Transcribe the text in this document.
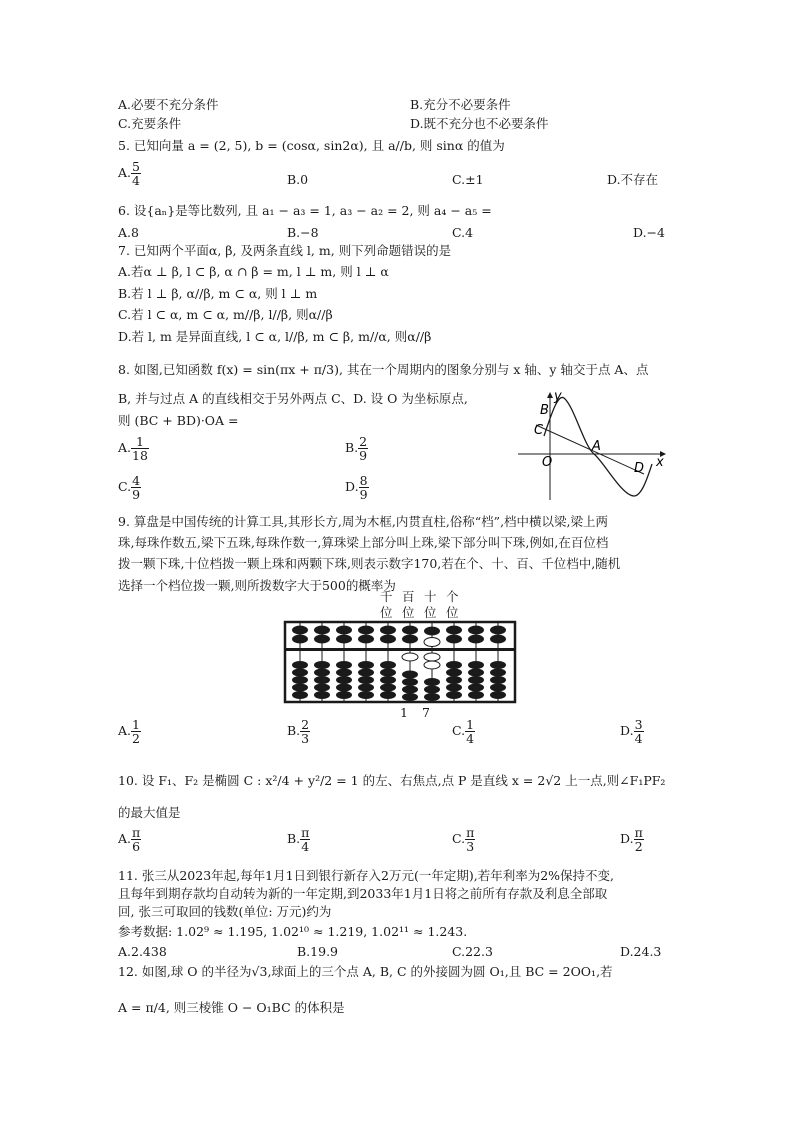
A.必要不充分条件	B.充分不必要条件
C.充要条件	D.既不充分也不必要条件
5. 已知向量 a = (2, 5), b = (cosα, sin2α), 且 a//b, 则 sinα 的值为
A. $\frac{5}{4}$	B.0	C.±1	D.不存在
6. 设{aₙ}是等比数列, 且 a₁ − a₃ = 1, a₃ − a₂ = 2, 则 a₄ − a₅ =
A.8	B.−8	C.4	D.−4
7. 已知两个平面α, β, 及两条直线 l, m, 则下列命题错误的是
A.若α ⊥ β, l ⊂ β, α ∩ β = m, l ⊥ m, 则 l ⊥ α
B.若 l ⊥ β, α//β, m ⊂ α, 则 l ⊥ m
C.若 l ⊂ α, m ⊂ α, m//β, l//β, 则α//β
D.若 l, m 是异面直线, l ⊂ α, l//β, m ⊂ β, m//α, 则α//β
8. 如图,已知函数 f(x) = sin(πx + π/3), 其在一个周期内的图象分别与 x 轴、y 轴交于点 A、点
B, 并与过点 A 的直线相交于另外两点 C、D. 设 O 为坐标原点,
则 (BC + BD)·OA =
A. $\frac{1}{18}$	B. $\frac{2}{9}$
C. $\frac{4}{9}$	D. $\frac{8}{9}$
y
x
B
C
A
O	D
9. 算盘是中国传统的计算工具,其形长方,周为木框,内贯直柱,俗称“档”,档中横以梁,梁上两
珠,每珠作数五,梁下五珠,每珠作数一,算珠梁上部分叫上珠,梁下部分叫下珠,例如,在百位档
拨一颗下珠,十位档拨一颗上珠和两颗下珠,则表示数字170,若在个、十、百、千位档中,随机
选择一个档位拨一颗,则所拨数字大于500的概率为
千 百 十 个
位 位 位 位
1 7
A. $\frac{1}{2}$	B. $\frac{2}{3}$	C. $\frac{1}{4}$	D. $\frac{3}{4}$
10. 设 F₁、F₂ 是椭圆 C : x²/4 + y²/2 = 1 的左、右焦点,点 P 是直线 x = 2√2 上一点,则∠F₁PF₂
的最大值是
A. $\frac{\pi}{6}$	B. $\frac{\pi}{4}$	C. $\frac{\pi}{3}$	D. $\frac{\pi}{2}$
11. 张三从2023年起,每年1月1日到银行新存入2万元(一年定期),若年利率为2%保持不变,
且每年到期存款均自动转为新的一年定期,到2033年1月1日将之前所有存款及利息全部取
回, 张三可取回的钱数(单位: 万元)约为
参考数据: 1.02⁹ ≈ 1.195, 1.02¹⁰ ≈ 1.219, 1.02¹¹ ≈ 1.243.
A.2.438	B.19.9	C.22.3	D.24.3
12. 如图,球 O 的半径为√3,球面上的三个点 A, B, C 的外接圆为圆 O₁,且 BC = 2OO₁,若
A = π/4, 则三棱锥 O − O₁BC 的体积是
